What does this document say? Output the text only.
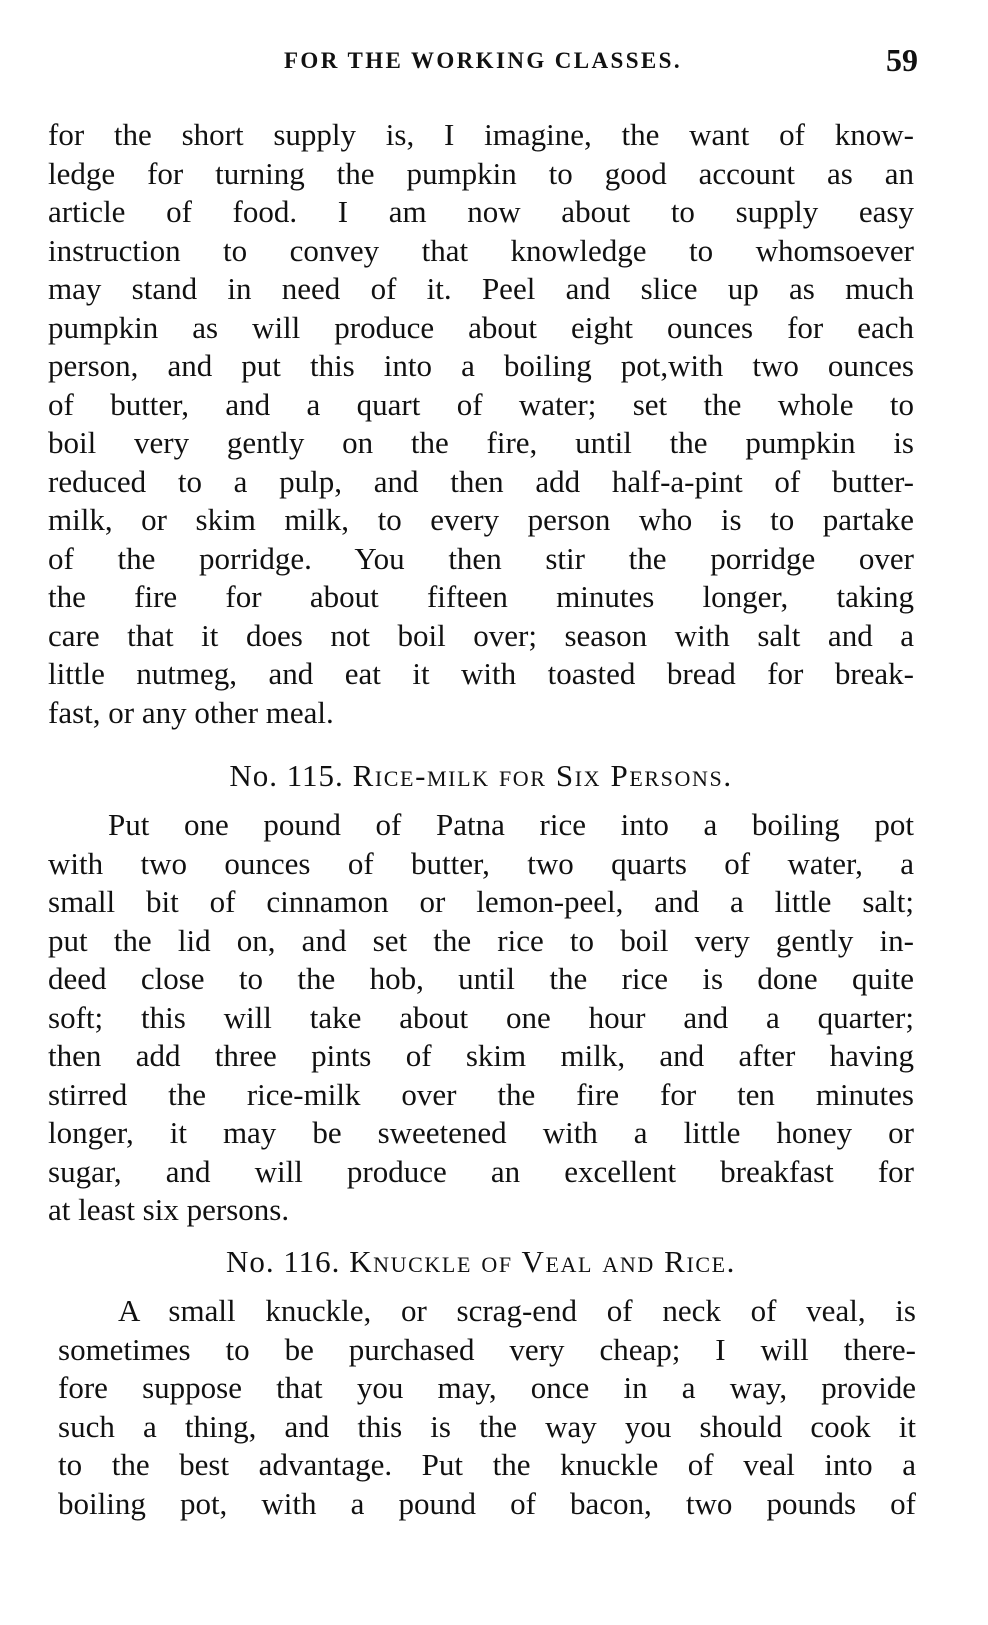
FOR THE WORKING CLASSES.	59
for the short supply is, I imagine, the want of know-
ledge for turning the pumpkin to good account as an
article of food. I am now about to supply easy
instruction to convey that knowledge to whomsoever
may stand in need of it. Peel and slice up as much
pumpkin as will produce about eight ounces for each
person, and put this into a boiling pot,with two ounces
of butter, and a quart of water; set the whole to
boil very gently on the fire, until the pumpkin is
reduced to a pulp, and then add half-a-pint of butter-
milk, or skim milk, to every person who is to partake
of the porridge. You then stir the porridge over
the fire for about fifteen minutes longer, taking
care that it does not boil over; season with salt and a
little nutmeg, and eat it with toasted bread for break-
fast, or any other meal.
No. 115. Rice-milk for Six Persons.
Put one pound of Patna rice into a boiling pot
with two ounces of butter, two quarts of water, a
small bit of cinnamon or lemon-peel, and a little salt;
put the lid on, and set the rice to boil very gently in-
deed close to the hob, until the rice is done quite
soft; this will take about one hour and a quarter;
then add three pints of skim milk, and after having
stirred the rice-milk over the fire for ten minutes
longer, it may be sweetened with a little honey or
sugar, and will produce an excellent breakfast for
at least six persons.
No. 116. Knuckle of Veal and Rice.
A small knuckle, or scrag-end of neck of veal, is
sometimes to be purchased very cheap; I will there-
fore suppose that you may, once in a way, provide
such a thing, and this is the way you should cook it
to the best advantage. Put the knuckle of veal into a
boiling pot, with a pound of bacon, two pounds of
